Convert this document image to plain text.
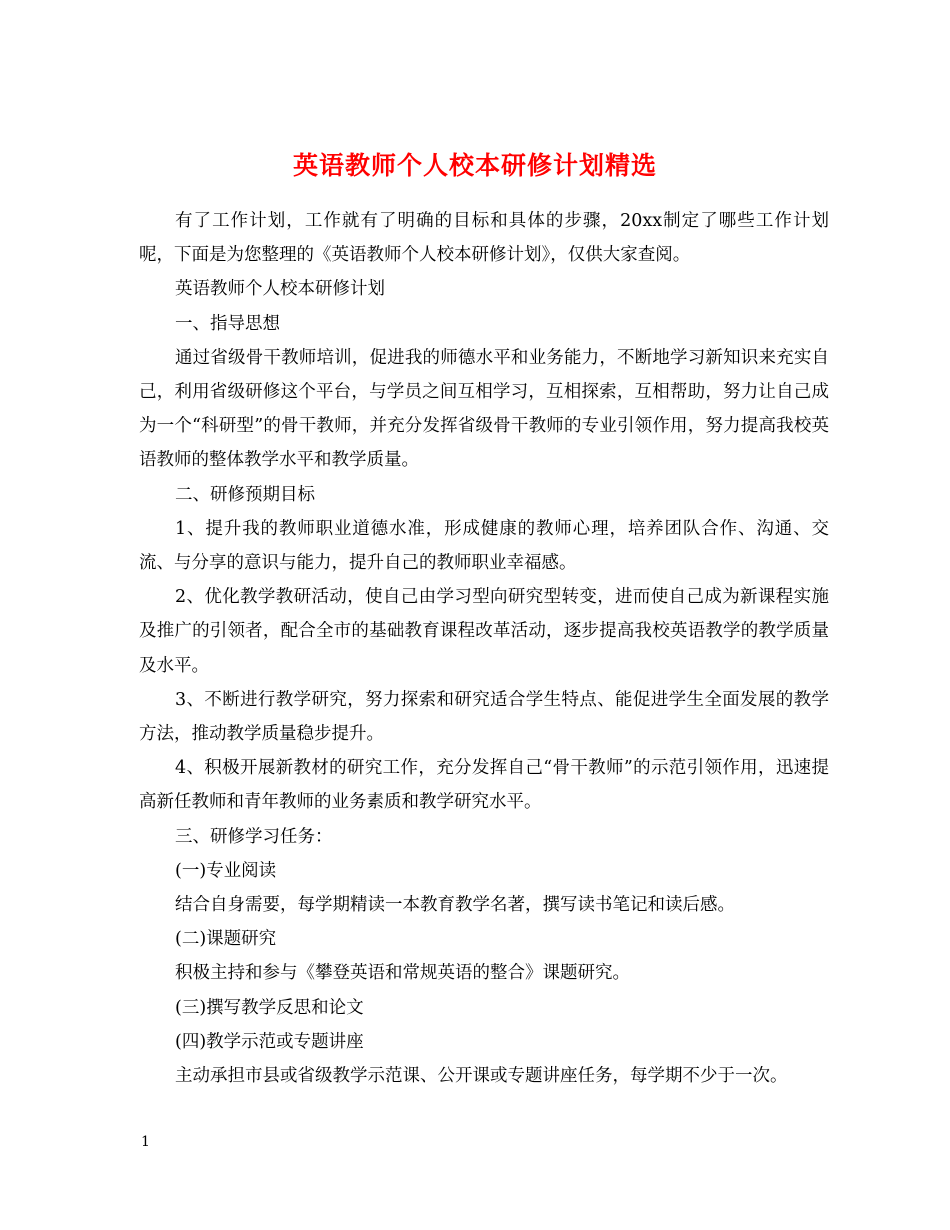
英语教师个人校本研修计划精选

有了工作计划，工作就有了明确的目标和具体的步骤，20xx制定了哪些工作计划呢，下面是为您整理的《英语教师个人校本研修计划》，仅供大家查阅。

英语教师个人校本研修计划

一、指导思想

通过省级骨干教师培训，促进我的师德水平和业务能力，不断地学习新知识来充实自己，利用省级研修这个平台，与学员之间互相学习，互相探索，互相帮助，努力让自己成为一个“科研型”的骨干教师，并充分发挥省级骨干教师的专业引领作用，努力提高我校英语教师的整体教学水平和教学质量。

二、研修预期目标

1、提升我的教师职业道德水准，形成健康的教师心理，培养团队合作、沟通、交流、与分享的意识与能力，提升自己的教师职业幸福感。

2、优化教学教研活动，使自己由学习型向研究型转变，进而使自己成为新课程实施及推广的引领者，配合全市的基础教育课程改革活动，逐步提高我校英语教学的教学质量及水平。

3、不断进行教学研究，努力探索和研究适合学生特点、能促进学生全面发展的教学方法，推动教学质量稳步提升。

4、积极开展新教材的研究工作，充分发挥自己“骨干教师”的示范引领作用，迅速提高新任教师和青年教师的业务素质和教学研究水平。

三、研修学习任务：

(一)专业阅读

结合自身需要，每学期精读一本教育教学名著，撰写读书笔记和读后感。

(二)课题研究

积极主持和参与《攀登英语和常规英语的整合》课题研究。

(三)撰写教学反思和论文

(四)教学示范或专题讲座

主动承担市县或省级教学示范课、公开课或专题讲座任务，每学期不少于一次。

1
